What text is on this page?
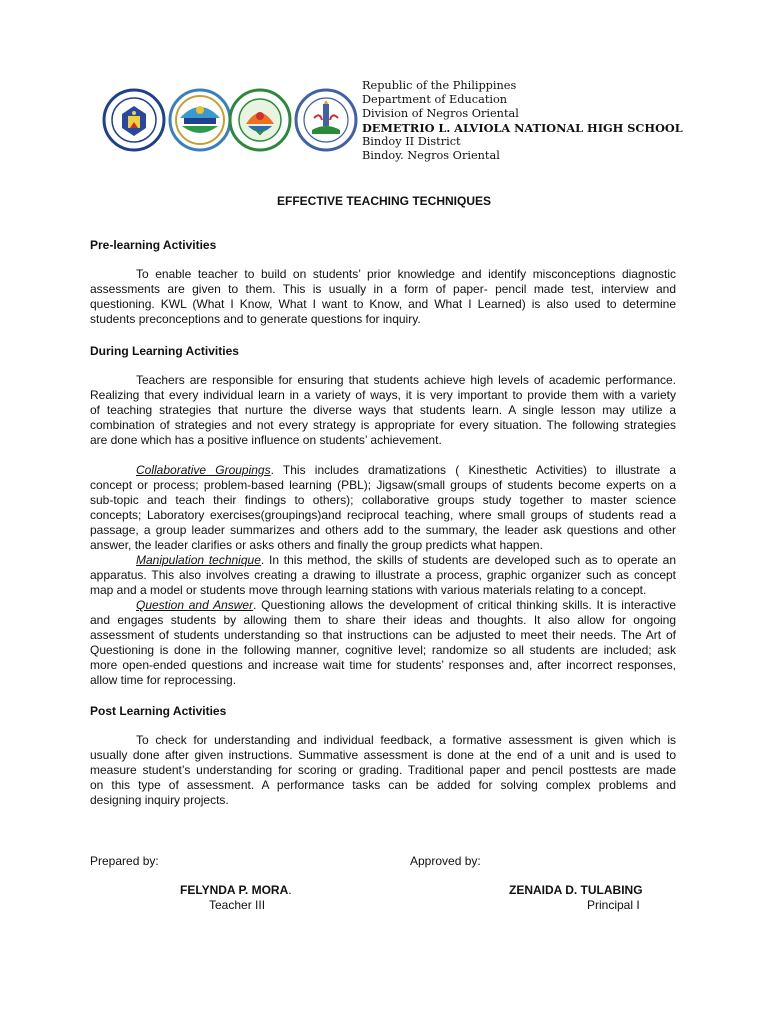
Republic of the Philippines
Department of Education
Division of Negros Oriental
DEMETRIO L. ALVIOLA NATIONAL HIGH SCHOOL
Bindoy II District
Bindoy. Negros Oriental
EFFECTIVE TEACHING TECHNIQUES
Pre-learning Activities
To enable teacher to build on students’ prior knowledge and identify misconceptions diagnostic
assessments are given to them. This is usually in a form of paper- pencil made test, interview and
questioning. KWL (What I Know, What I want to Know, and What I Learned) is also used to determine
students preconceptions and to generate questions for inquiry.
During Learning Activities
Teachers are responsible for ensuring that students achieve high levels of academic performance.
Realizing that every individual learn in a variety of ways, it is very important to provide them with a variety
of teaching strategies that nurture the diverse ways that students learn. A single lesson may utilize a
combination of strategies and not every strategy is appropriate for every situation. The following strategies
are done which has a positive influence on students’ achievement.
Collaborative Groupings. This includes dramatizations ( Kinesthetic Activities) to illustrate a
concept or process; problem-based learning (PBL); Jigsaw(small groups of students become experts on a
sub-topic and teach their findings to others); collaborative groups study together to master science
concepts; Laboratory exercises(groupings)and reciprocal teaching, where small groups of students read a
passage, a group leader summarizes and others add to the summary, the leader ask questions and other
answer, the leader clarifies or asks others and finally the group predicts what happen.
Manipulation technique. In this method, the skills of students are developed such as to operate an
apparatus. This also involves creating a drawing to illustrate a process, graphic organizer such as concept
map and a model or students move through learning stations with various materials relating to a concept.
Question and Answer. Questioning allows the development of critical thinking skills. It is interactive
and engages students by allowing them to share their ideas and thoughts. It also allow for ongoing
assessment of students understanding so that instructions can be adjusted to meet their needs. The Art of
Questioning is done in the following manner, cognitive level; randomize so all students are included; ask
more open-ended questions and increase wait time for students’ responses and, after incorrect responses,
allow time for reprocessing.
Post Learning Activities
To check for understanding and individual feedback, a formative assessment is given which is
usually done after given instructions. Summative assessment is done at the end of a unit and is used to
measure student’s understanding for scoring or grading. Traditional paper and pencil posttests are made
on this type of assessment. A performance tasks can be added for solving complex problems and
designing inquiry projects.
Prepared by:	Approved by:
FELYNDA P. MORA.
Teacher III
ZENAIDA D. TULABING
Principal I
